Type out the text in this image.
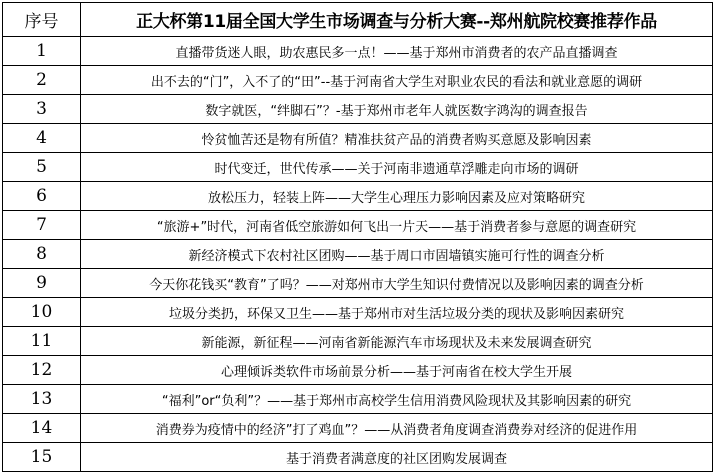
序号	正大杯第11届全国大学生市场调查与分析大赛--郑州航院校赛推荐作品
1	直播带货迷人眼，助农惠民多一点！——基于郑州市消费者的农产品直播调查
2	出不去的“门”，入不了的“田”--基于河南省大学生对职业农民的看法和就业意愿的调研
3	数字就医，“绊脚石”？-基于郑州市老年人就医数字鸿沟的调查报告
4	怜贫恤苦还是物有所值？精准扶贫产品的消费者购买意愿及影响因素
5	时代变迁，世代传承——关于河南非遗通草浮雕走向市场的调研
6	放松压力，轻装上阵——大学生心理压力影响因素及应对策略研究
7	“旅游+”时代，河南省低空旅游如何飞出一片天——基于消费者参与意愿的调查研究
8	新经济模式下农村社区团购——基于周口市固墙镇实施可行性的调查分析
9	今天你花钱买“教育”了吗？——对郑州市大学生知识付费情况以及影响因素的调查分析
10	垃圾分类扔，环保又卫生——基于郑州市对生活垃圾分类的现状及影响因素研究
11	新能源，新征程——河南省新能源汽车市场现状及未来发展调查研究
12	心理倾诉类软件市场前景分析——基于河南省在校大学生开展
13	“福利”or“负利”？——基于郑州市高校学生信用消费风险现状及其影响因素的研究
14	消费券为疫情中的经济”打了鸡血”？——从消费者角度调查消费券对经济的促进作用
15	基于消费者满意度的社区团购发展调查
